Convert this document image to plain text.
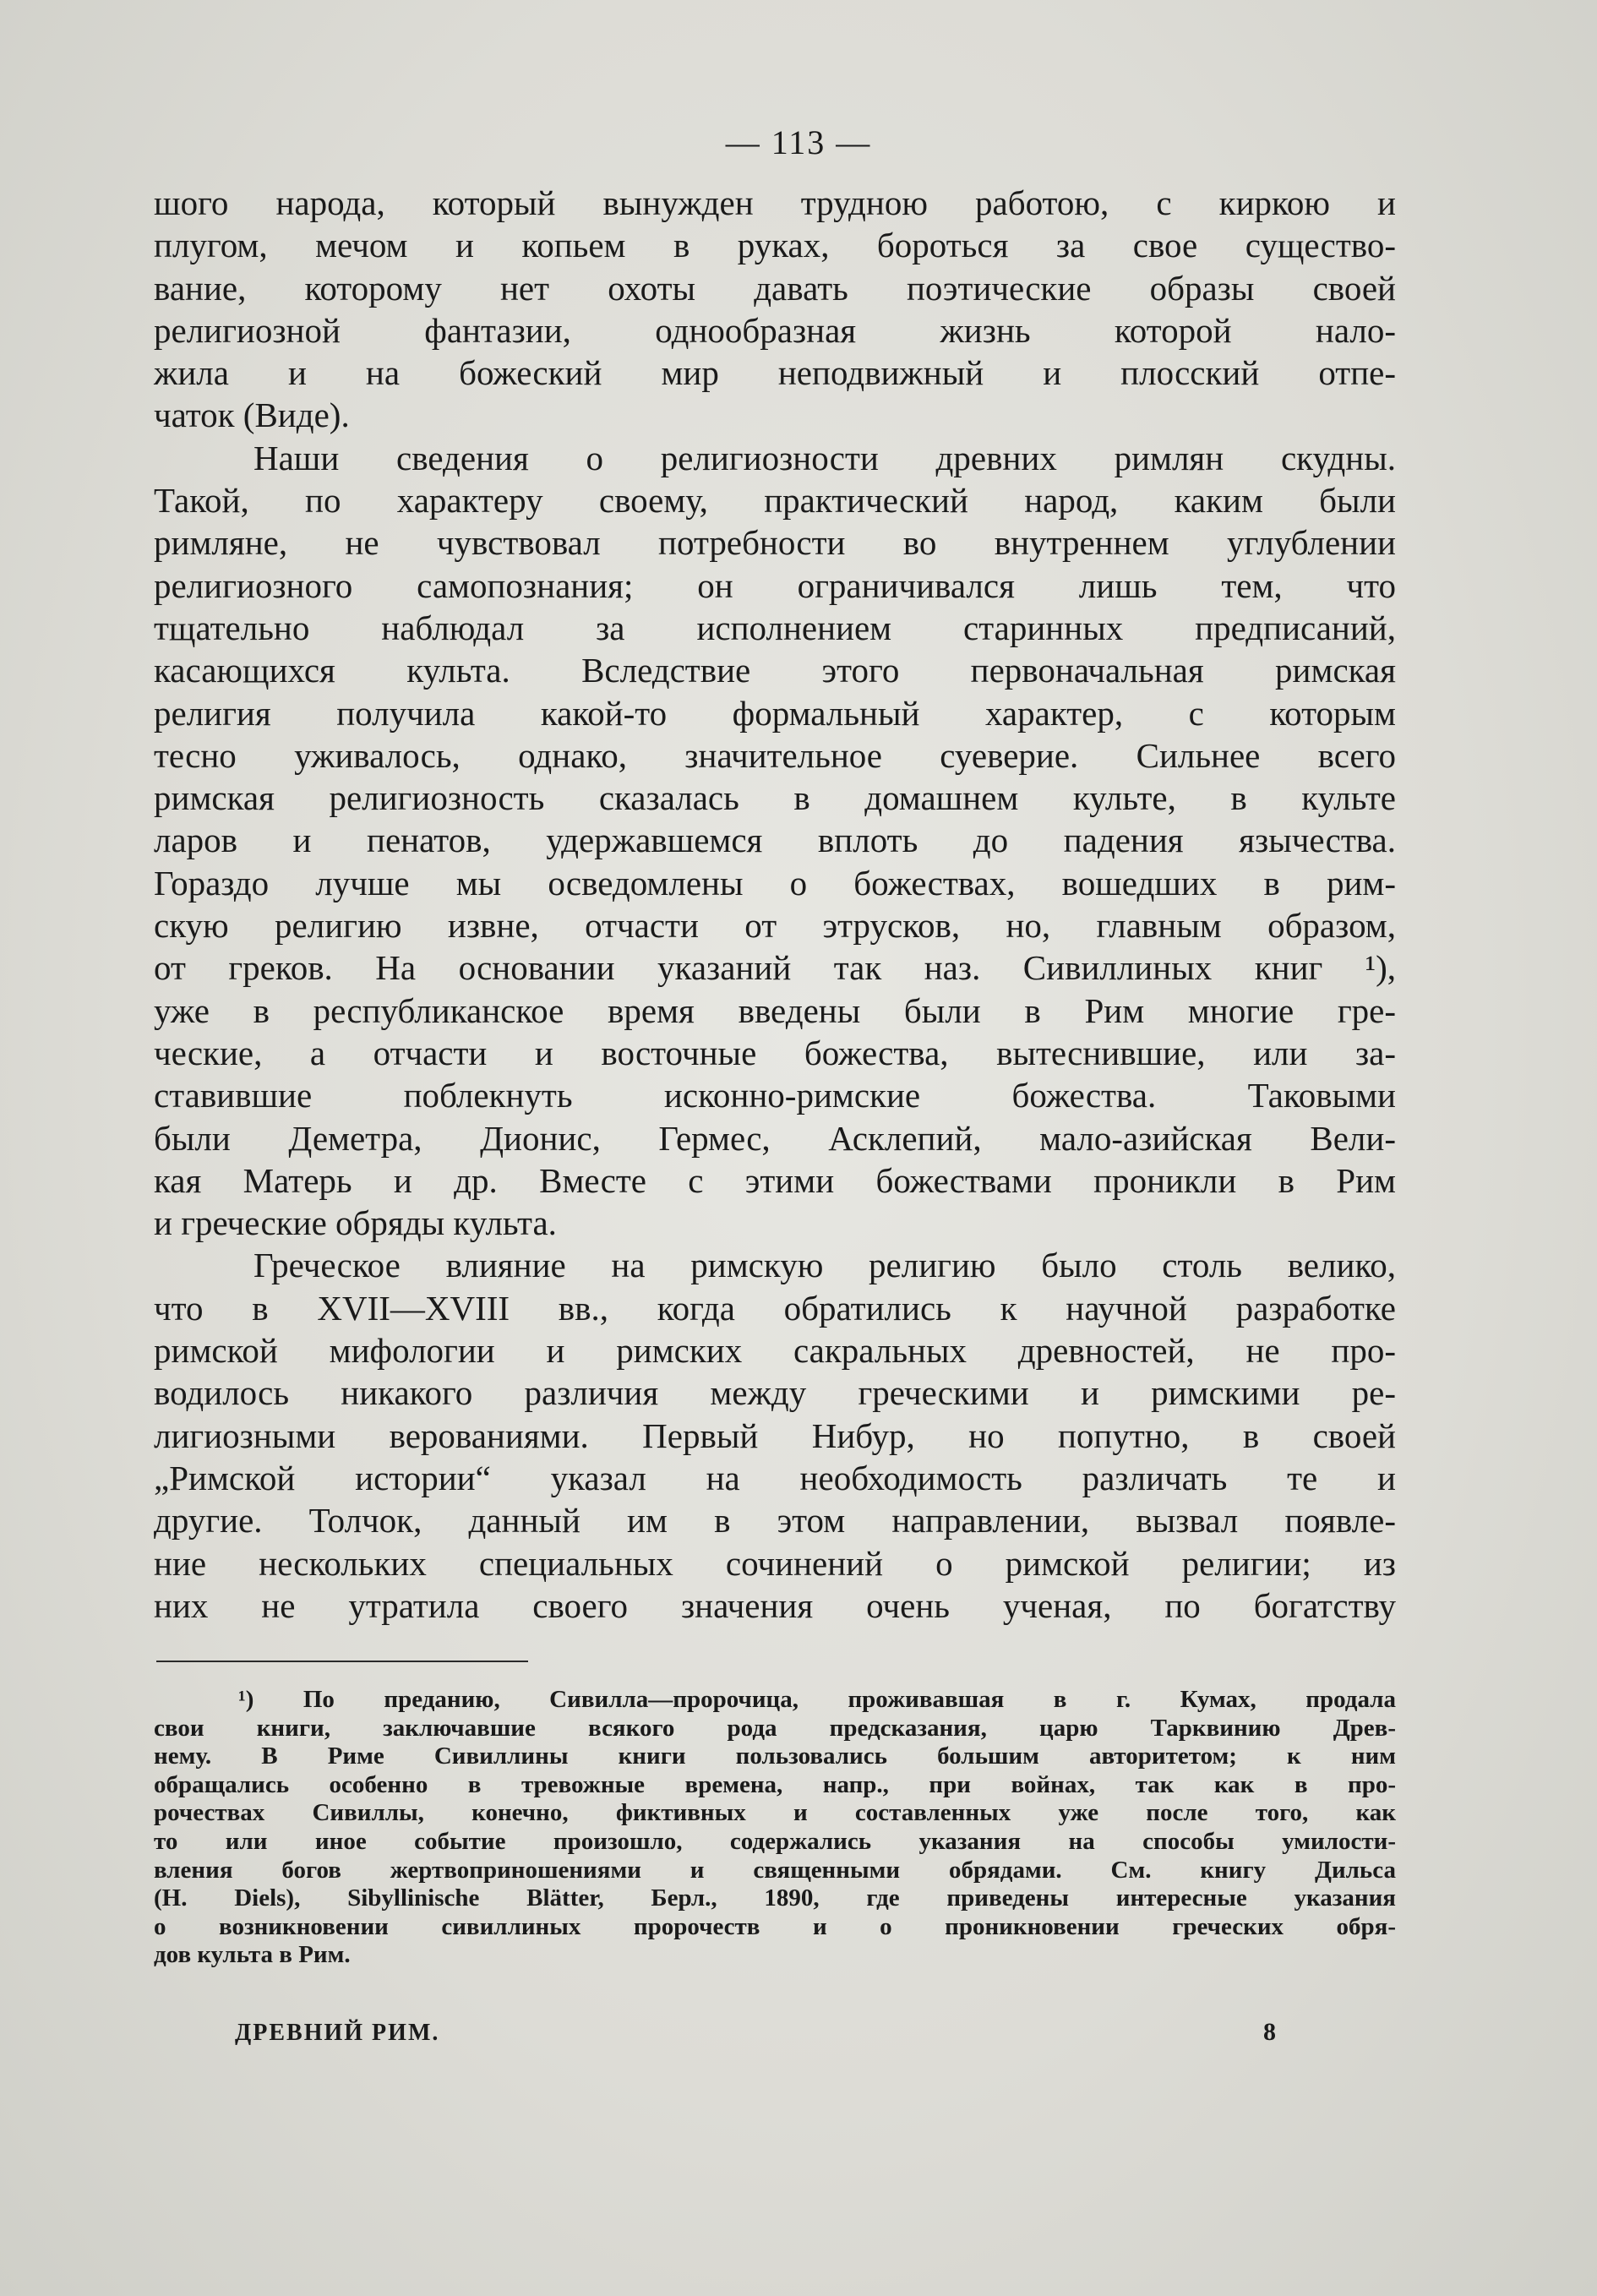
— 113 —
шого народа, который вынужден трудною работою, с киркою и
плугом, мечом и копьем в руках, бороться за свое существо-
вание, которому нет охоты давать поэтические образы своей
религиозной фантазии, однообразная жизнь которой нало-
жила и на божеский мир неподвижный и плосский отпе-
чаток (Виде).
Наши сведения о религиозности древних римлян скудны.
Такой, по характеру своему, практический народ, каким были
римляне, не чувствовал потребности во внутреннем углублении
религиозного самопознания; он ограничивался лишь тем, что
тщательно наблюдал за исполнением старинных предписаний,
касающихся культа. Вследствие этого первоначальная римская
религия получила какой-то формальный характер, с которым
тесно уживалось, однако, значительное суеверие. Сильнее всего
римская религиозность сказалась в домашнем культе, в культе
ларов и пенатов, удержавшемся вплоть до падения язычества.
Гораздо лучше мы осведомлены о божествах, вошедших в рим-
скую религию извне, отчасти от этрусков, но, главным образом,
от греков. На основании указаний так наз. Сивиллиных книг ¹),
уже в республиканское время введены были в Рим многие гре-
ческие, а отчасти и восточные божества, вытеснившие, или за-
ставившие поблекнуть исконно-римские божества. Таковыми
были Деметра, Дионис, Гермес, Асклепий, мало-азийская Вели-
кая Матерь и др. Вместе с этими божествами проникли в Рим
и греческие обряды культа.
Греческое влияние на римскую религию было столь велико,
что в XVII—XVIII вв., когда обратились к научной разработке
римской мифологии и римских сакральных древностей, не про-
водилось никакого различия между греческими и римскими ре-
лигиозными верованиями. Первый Нибур, но попутно, в своей
„Римской истории“ указал на необходимость различать те и
другие. Толчок, данный им в этом направлении, вызвал появле-
ние нескольких специальных сочинений о римской религии; из
них не утратила своего значения очень ученая, по богатству
¹) По преданию, Сивилла—пророчица, проживавшая в г. Кумах, продала
свои книги, заключавшие всякого рода предсказания, царю Тарквинию Древ-
нему. В Риме Сивиллины книги пользовались большим авторитетом; к ним
обращались особенно в тревожные времена, напр., при войнах, так как в про-
рочествах Сивиллы, конечно, фиктивных и составленных уже после того, как
то или иное событие произошло, содержались указания на способы умилости-
вления богов жертвоприношениями и священными обрядами. См. книгу Дильса
(H. Diels), Sibyllinische Blätter, Берл., 1890, где приведены интересные указания
о возникновении сивиллиных пророчеств и о проникновении греческих обря-
дов культа в Рим.
ДРЕВНИЙ РИМ.	8
